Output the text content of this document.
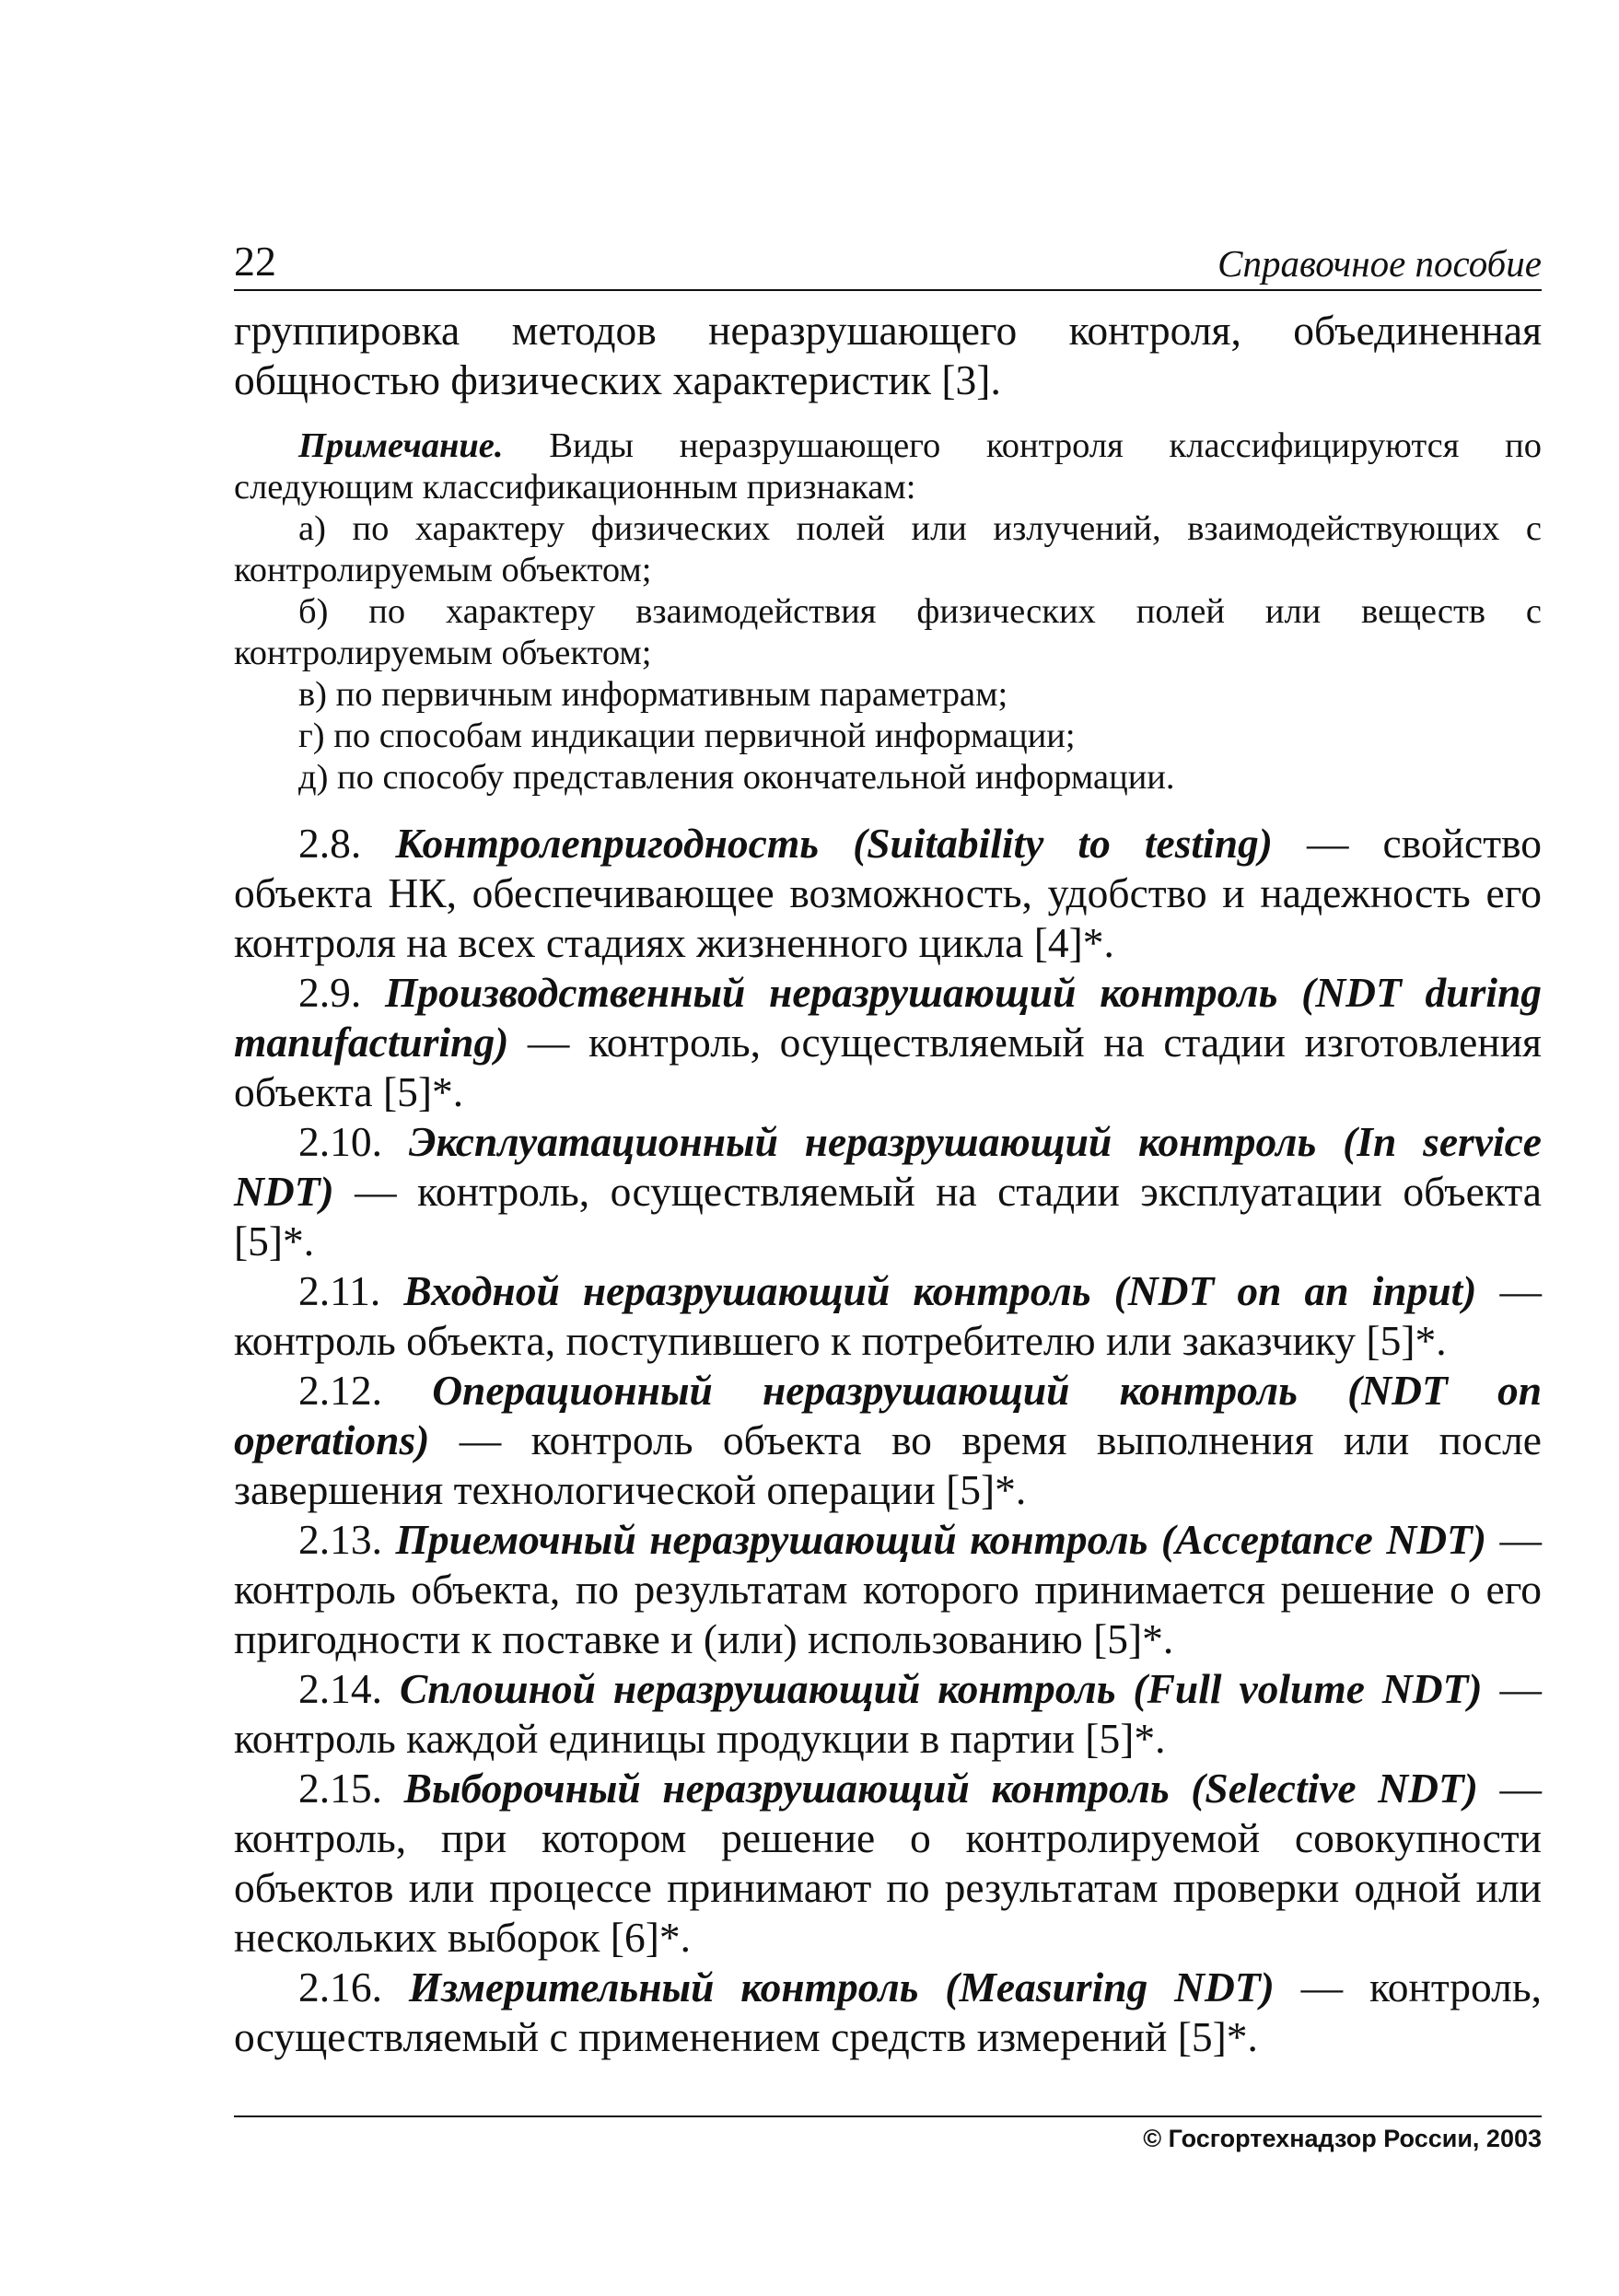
22	Справочное пособие

группировка методов неразрушающего контроля, объединенная общностью физических характеристик [3].

Примечание. Виды неразрушающего контроля классифицируются по следующим классификационным признакам:

а) по характеру физических полей или излучений, взаимодействующих с контролируемым объектом;

б) по характеру взаимодействия физических полей или веществ с контролируемым объектом;

в) по первичным информативным параметрам;

г) по способам индикации первичной информации;

д) по способу представления окончательной информации.

2.8. Контролепригодность (Suitability to testing) — свойство объекта НК, обеспечивающее возможность, удобство и надежность его контроля на всех стадиях жизненного цикла [4]*.

2.9. Производственный неразрушающий контроль (NDT during manufacturing) — контроль, осуществляемый на стадии изготовления объекта [5]*.

2.10. Эксплуатационный неразрушающий контроль (In service NDT) — контроль, осуществляемый на стадии эксплуатации объекта [5]*.

2.11. Входной неразрушающий контроль (NDT on an input) — контроль объекта, поступившего к потребителю или заказчику [5]*.

2.12. Операционный неразрушающий контроль (NDT on operations) — контроль объекта во время выполнения или после завершения технологической операции [5]*.

2.13. Приемочный неразрушающий контроль (Acceptance NDT) — контроль объекта, по результатам которого принимается решение о его пригодности к поставке и (или) использованию [5]*.

2.14. Сплошной неразрушающий контроль (Full volume NDT) — контроль каждой единицы продукции в партии [5]*.

2.15. Выборочный неразрушающий контроль (Selective NDT) — контроль, при котором решение о контролируемой совокупности объектов или процессе принимают по результатам проверки одной или нескольких выборок [6]*.

2.16. Измерительный контроль (Measuring NDT) — контроль, осуществляемый с применением средств измерений [5]*.

© Госгортехнадзор России, 2003
